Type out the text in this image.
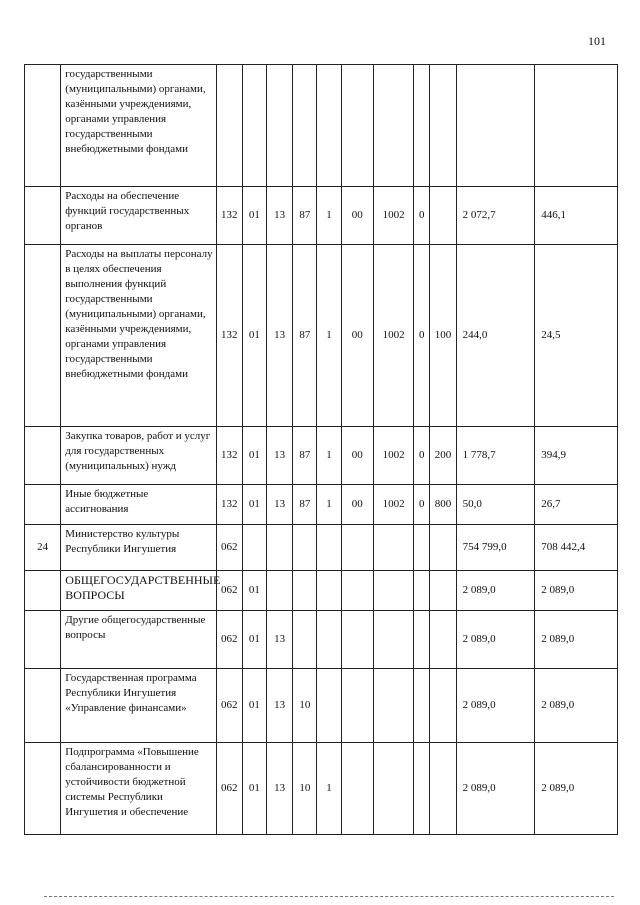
101
	государственными (муниципальными) органами, казёнными учреждениями, органами управления государственными внебюджетными фондами											
	Расходы на обеспечение функций государственных органов	132	01	13	87	1	00	1002	0		2 072,7	446,1
	Расходы на выплаты персоналу в целях обеспечения выполнения функций государственными (муниципальными) органами, казёнными учреждениями, органами управления государственными внебюджетными фондами	132	01	13	87	1	00	1002	0	100	244,0	24,5
	Закупка товаров, работ и услуг для государственных (муниципальных) нужд	132	01	13	87	1	00	1002	0	200	1 778,7	394,9
	Иные бюджетные ассигнования	132	01	13	87	1	00	1002	0	800	50,0	26,7
24	Министерство культуры Республики Ингушетия	062									754 799,0	708 442,4
	ОБЩЕГОСУДАРСТВЕННЫЕ ВОПРОСЫ	062	01								2 089,0	2 089,0
	Другие общегосударственные вопросы	062	01	13							2 089,0	2 089,0
	Государственная программа Республики Ингушетия «Управление финансами»	062	01	13	10						2 089,0	2 089,0
	Подпрограмма «Повышение сбалансированности и устойчивости бюджетной системы Республики Ингушетия и обеспечение	062	01	13	10	1					2 089,0	2 089,0
